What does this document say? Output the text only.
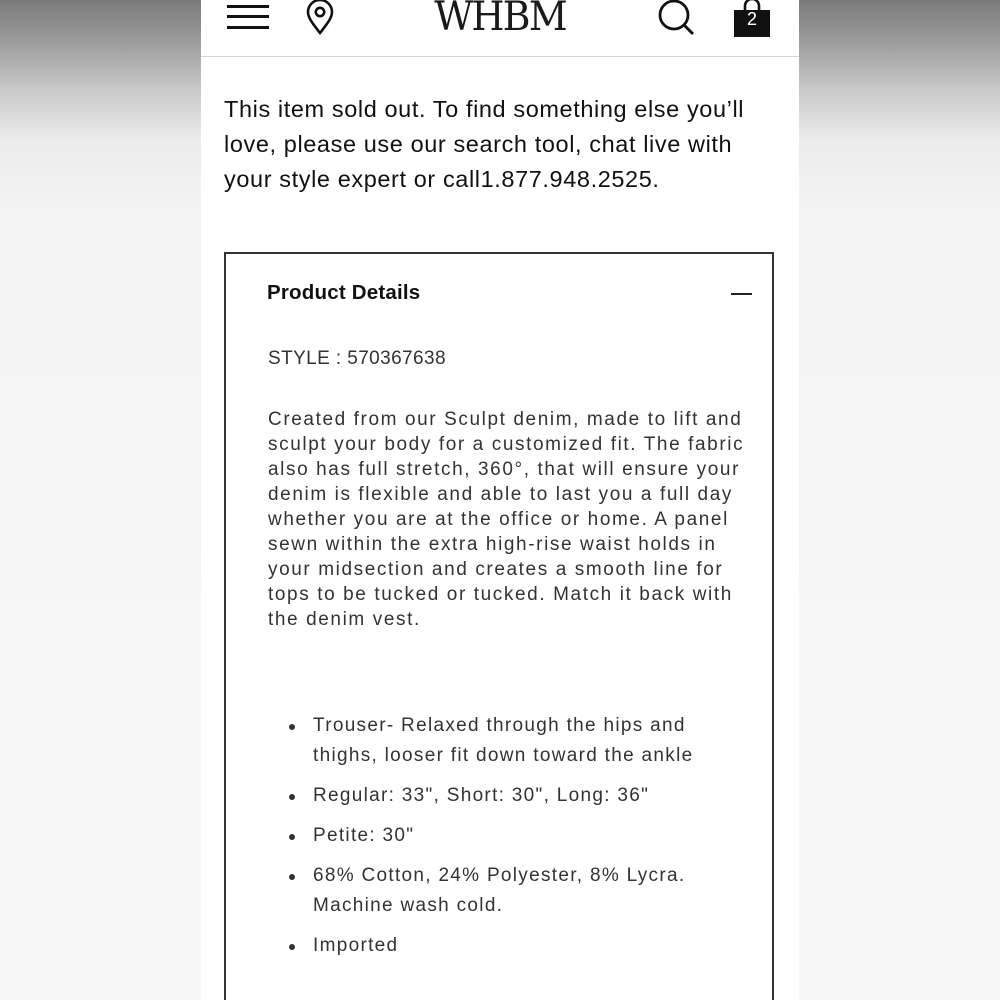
WHBM	2

This item sold out. To find something else you’ll love, please use our search tool, chat live with your style expert or call1.877.948.2525.

Product Details

STYLE : 570367638

Created from our Sculpt denim, made to lift and sculpt your body for a customized fit. The fabric also has full stretch, 360°, that will ensure your denim is flexible and able to last you a full day whether you are at the office or home. A panel sewn within the extra high-rise waist holds in your midsection and creates a smooth line for tops to be tucked or tucked. Match it back with the denim vest.

Trouser- Relaxed through the hips and thighs, looser fit down toward the ankle
Regular: 33", Short: 30", Long: 36"
Petite: 30"
68% Cotton, 24% Polyester, 8% Lycra. Machine wash cold.
Imported
